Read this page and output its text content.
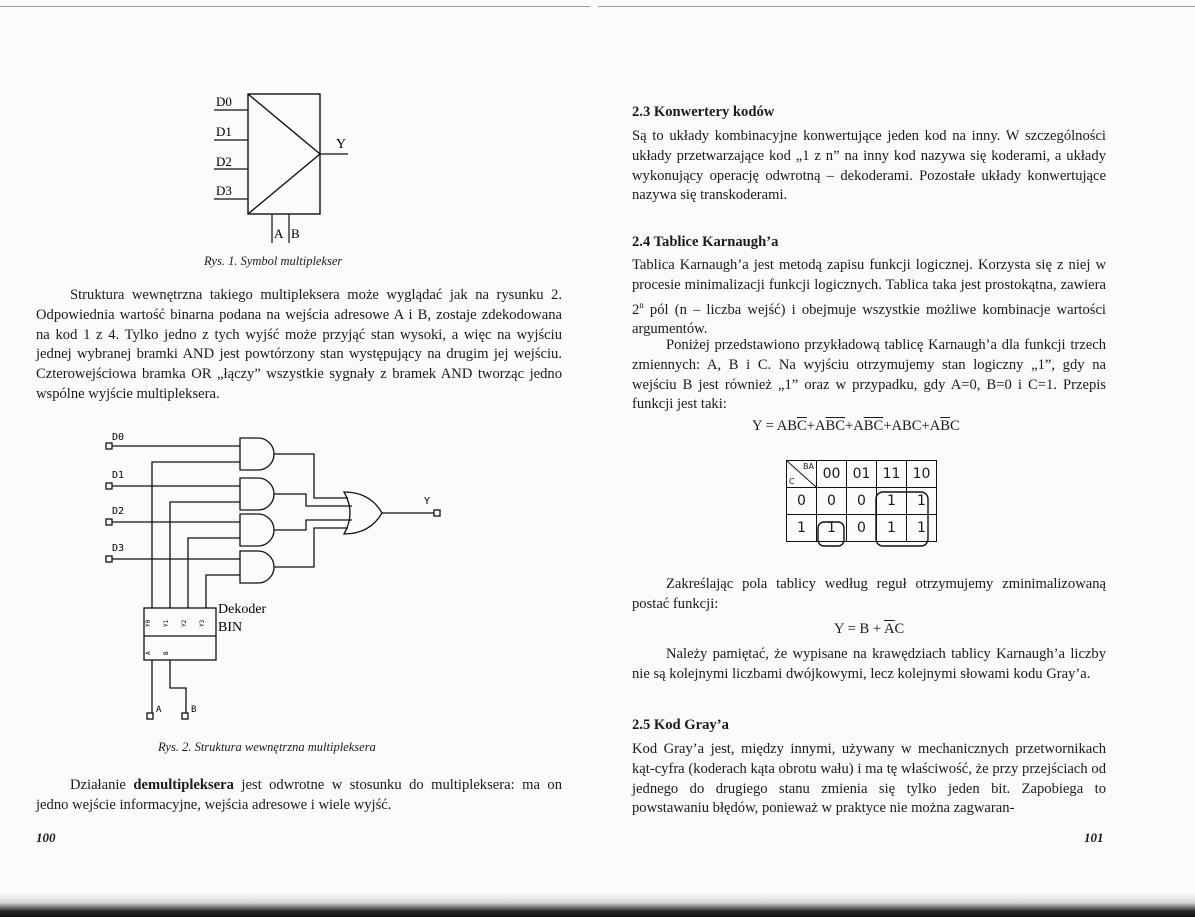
D0
D1
D2
D3
Y
A B

Rys. 1. Symbol multiplekser

Struktura wewnętrzna takiego multipleksera może wyglądać jak na rysunku 2. Odpowiednia wartość binarna podana na wejścia adresowe A i B, zostaje zdekodowana na kod 1 z 4. Tylko jedno z tych wyjść może przyjąć stan wysoki, a więc na wyjściu jednej wybranej bramki AND jest powtórzony stan występujący na drugim jej wejściu. Czterowejściowa bramka OR „łączy” wszystkie sygnały z bramek AND tworząc jedno wspólne wyjście multipleksera.

D0
D1
D2
D3
Y
Dekoder
BIN
Y0 Y1 Y2 Y3
A B
A	B

Rys. 2. Struktura wewnętrzna multipleksera

Działanie demultipleksera jest odwrotne w stosunku do multipleksera: ma on jedno wejście informacyjne, wejścia adresowe i wiele wyjść.

100
2.3 Konwertery kodów

Są to układy kombinacyjne konwertujące jeden kod na inny. W szczególności układy przetwarzające kod „1 z n” na inny kod nazywa się koderami, a układy wykonujący operację odwrotną – dekoderami. Pozostałe układy konwertujące nazywa się transkoderami.

2.4 Tablice Karnaugh’a

Tablica Karnaugh’a jest metodą zapisu funkcji logicznej. Korzysta się z niej w procesie minimalizacji funkcji logicznych. Tablica taka jest prostokątna, zawiera 2$^n$ pól (n – liczba wejść) i obejmuje wszystkie możliwe kombinacje wartości argumentów.

Poniżej przedstawiono przykładową tablicę Karnaugh’a dla funkcji trzech zmiennych: A, B i C. Na wyjściu otrzymujemy stan logiczny „1”, gdy na wejściu B jest również „1” oraz w przypadku, gdy A=0, B=0 i C=1. Przepis funkcji jest taki:

$Y = AB\overline{C}+A\overline{B}\overline{C}+A\overline{B}\overline{C}+ABC+A\overline{B}C$
BA
C	00	01	11	10
0	0	0	1	1
1	1	0	1	1

Zakreślając pola tablicy według reguł otrzymujemy zminimalizowaną postać funkcji:

$Y = B + \overline{A}C$

Należy pamiętać, że wypisane na krawędziach tablicy Karnaugh’a liczby nie są kolejnymi liczbami dwójkowymi, lecz kolejnymi słowami kodu Gray’a.

2.5 Kod Gray’a

Kod Gray’a jest, między innymi, używany w mechanicznych przetwornikach kąt-cyfra (koderach kąta obrotu wału) i ma tę właściwość, że przy przejściach od jednego do drugiego stanu zmienia się tylko jeden bit. Zapobiega to powstawaniu błędów, ponieważ w praktyce nie można zagwaran-

101
